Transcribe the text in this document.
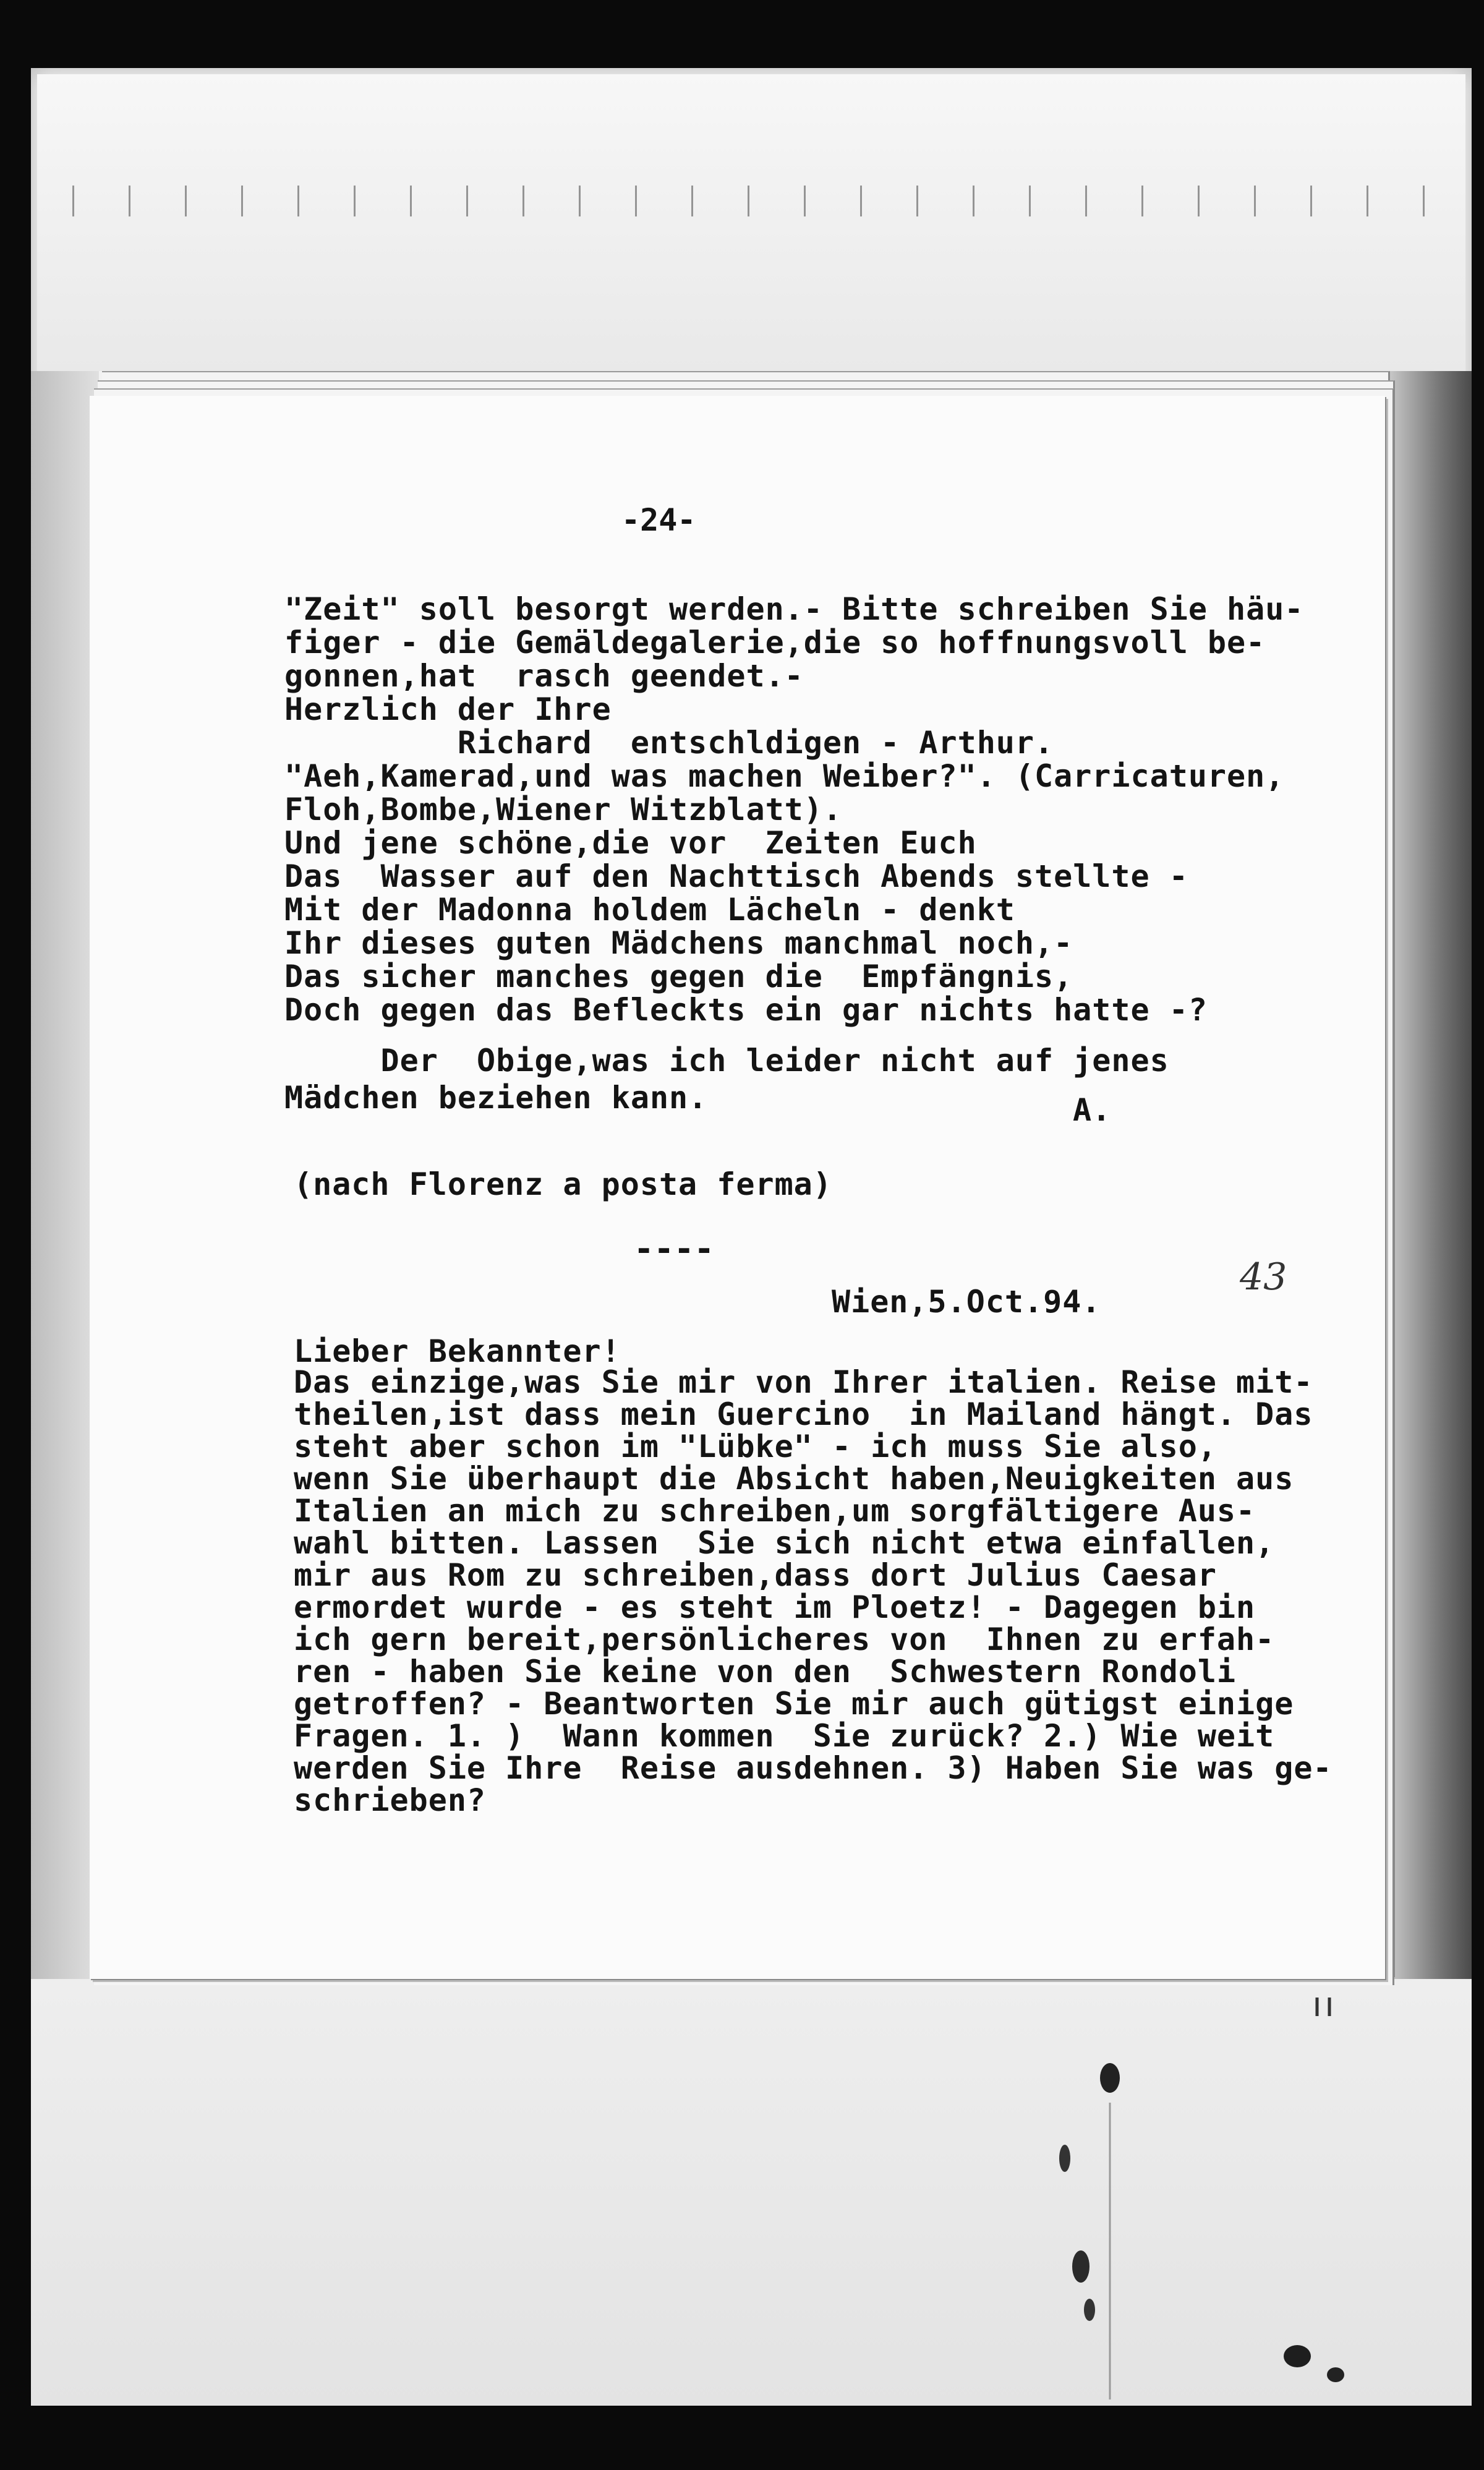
-24-
"Zeit" soll besorgt werden.- Bitte schreiben Sie häu-
figer - die Gemäldegalerie,die so hoffnungsvoll be-
gonnen,hat  rasch geendet.-
Herzlich der Ihre
Richard  entschldigen - Arthur.
"Aeh,Kamerad,und was machen Weiber?". (Carricaturen,
Floh,Bombe,Wiener Witzblatt).
Und jene schöne,die vor  Zeiten Euch
Das  Wasser auf den Nachttisch Abends stellte -
Mit der Madonna holdem Lächeln - denkt
Ihr dieses guten Mädchens manchmal noch,-
Das sicher manches gegen die  Empfängnis,
Doch gegen das Befleckts ein gar nichts hatte -?
Der  Obige,was ich leider nicht auf jenes
Mädchen beziehen kann.	A.
(nach Florenz a posta ferma)
----
Wien,5.Oct.94.
43
Lieber Bekannter!
Das einzige,was Sie mir von Ihrer italien. Reise mit-
theilen,ist dass mein Guercino  in Mailand hängt. Das
steht aber schon im "Lübke" - ich muss Sie also,
wenn Sie überhaupt die Absicht haben,Neuigkeiten aus
Italien an mich zu schreiben,um sorgfältigere Aus-
wahl bitten. Lassen  Sie sich nicht etwa einfallen,
mir aus Rom zu schreiben,dass dort Julius Caesar
ermordet wurde - es steht im Ploetz! - Dagegen bin
ich gern bereit,persönlicheres von  Ihnen zu erfah-
ren - haben Sie keine von den  Schwestern Rondoli
getroffen? - Beantworten Sie mir auch gütigst einige
Fragen. 1. )  Wann kommen  Sie zurück? 2.) Wie weit
werden Sie Ihre  Reise ausdehnen. 3) Haben Sie was ge-
schrieben?
